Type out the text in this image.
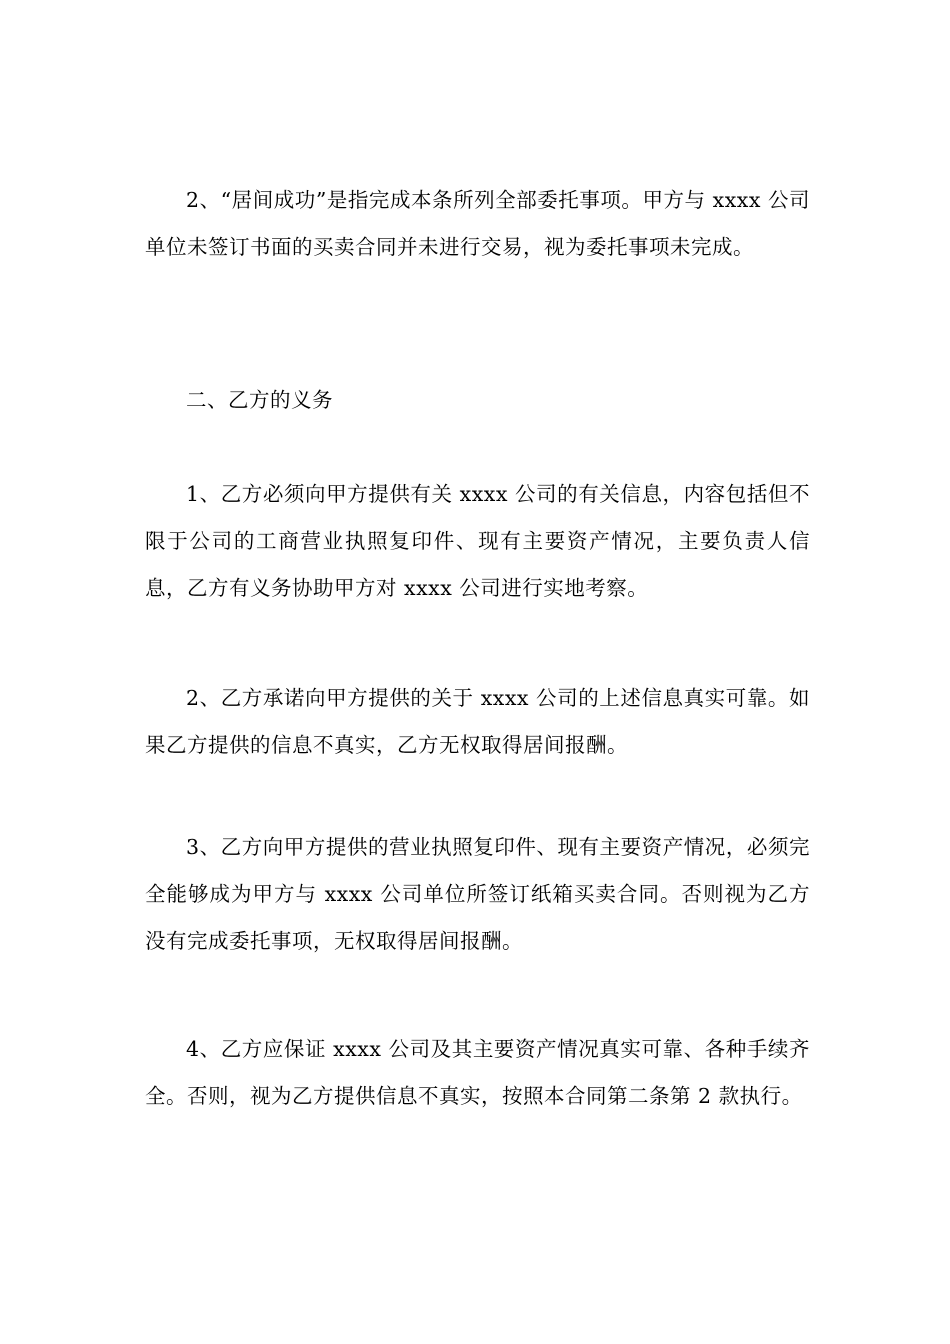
2、“居间成功”是指完成本条所列全部委托事项。甲方与 xxxx 公司单位未签订书面的买卖合同并未进行交易，视为委托事项未完成。

二、乙方的义务

1、乙方必须向甲方提供有关 xxxx 公司的有关信息，内容包括但不限于公司的工商营业执照复印件、现有主要资产情况，主要负责人信息，乙方有义务协助甲方对 xxxx 公司进行实地考察。

2、乙方承诺向甲方提供的关于 xxxx 公司的上述信息真实可靠。如果乙方提供的信息不真实，乙方无权取得居间报酬。

3、乙方向甲方提供的营业执照复印件、现有主要资产情况，必须完全能够成为甲方与 xxxx 公司单位所签订纸箱买卖合同。否则视为乙方没有完成委托事项，无权取得居间报酬。

4、乙方应保证 xxxx 公司及其主要资产情况真实可靠、各种手续齐全。否则，视为乙方提供信息不真实，按照本合同第二条第 2 款执行。
